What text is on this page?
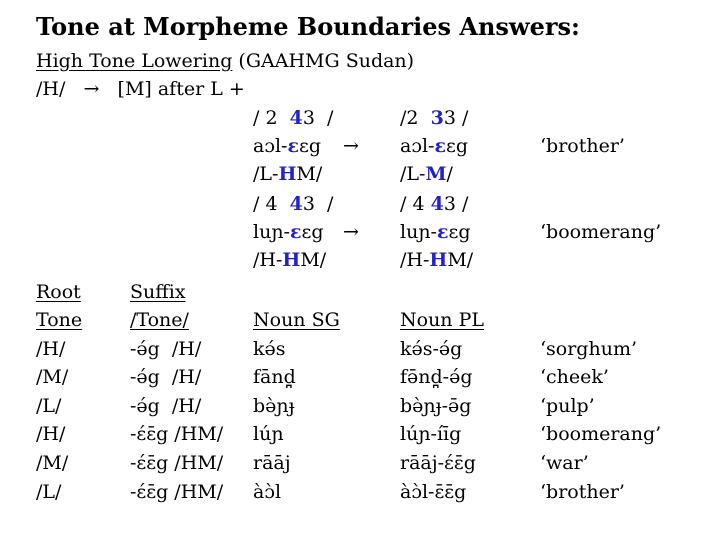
Tone at Morpheme Boundaries Answers:
High Tone Lowering (GAAHMG Sudan)
/H/   →   [M] after L +
/ 2  43  /	/2  33 /
aɔl-ɛɛg → aɔl-ɛɛg	‘brother’
/L-HM/	/L-M/
/ 4  43  /	/ 4 43 /
luɲ-ɛɛg → luɲ-ɛɛg	‘boomerang’
/H-HM/	/H-HM/
Root	Suffix
Tone	/Tone/	Noun SG	Noun PL
/H/	-ə́g  /H/	kə́s	kə́s-ə́g	‘sorghum’
/M/	-ə́g  /H/	fānd̪	fə̄nd̪-ə́g	‘cheek’
/L/	-ə́g  /H/	bə̀ɲɟ	bə̀ɲɟ-ə̄g	‘pulp’
/H/	-ɛ́ɛ̄g /HM/ lúɲ	lúɲ-íīg	‘boomerang’
/M/	-ɛ́ɛ̄g /HM/ rāāj	rāāj-ɛ́ɛ̄g	‘war’
/L/	-ɛ́ɛ̄g /HM/ àɔ̀l	àɔ̀l-ɛ̄ɛ̄g	‘brother’
